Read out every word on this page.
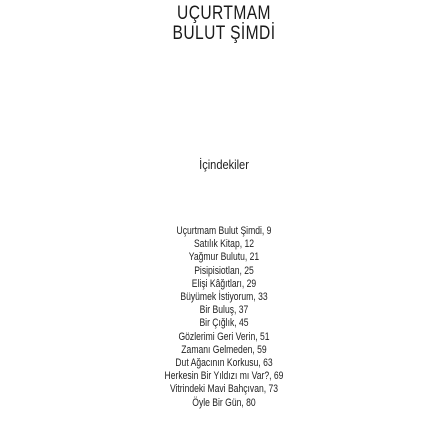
UÇURTMAM
BULUT ŞİMDİ
İçindekiler
Uçurtmam Bulut Şimdi, 9
Satılık Kitap, 12
Yağmur Bulutu, 21
Pisipisiotlan, 25
Elişi Kâğıtları, 29
Büyümek İstiyorum, 33
Bir Buluş, 37
Bir Çığlık, 45
Gözlerimi Geri Verin, 51
Zamanı Gelmeden, 59
Dut Ağacının Korkusu, 63
Herkesin Bir Yıldızı mı Var?, 69
Vitrindeki Mavi Bahçıvan, 73
Öyle Bir Gün, 80
